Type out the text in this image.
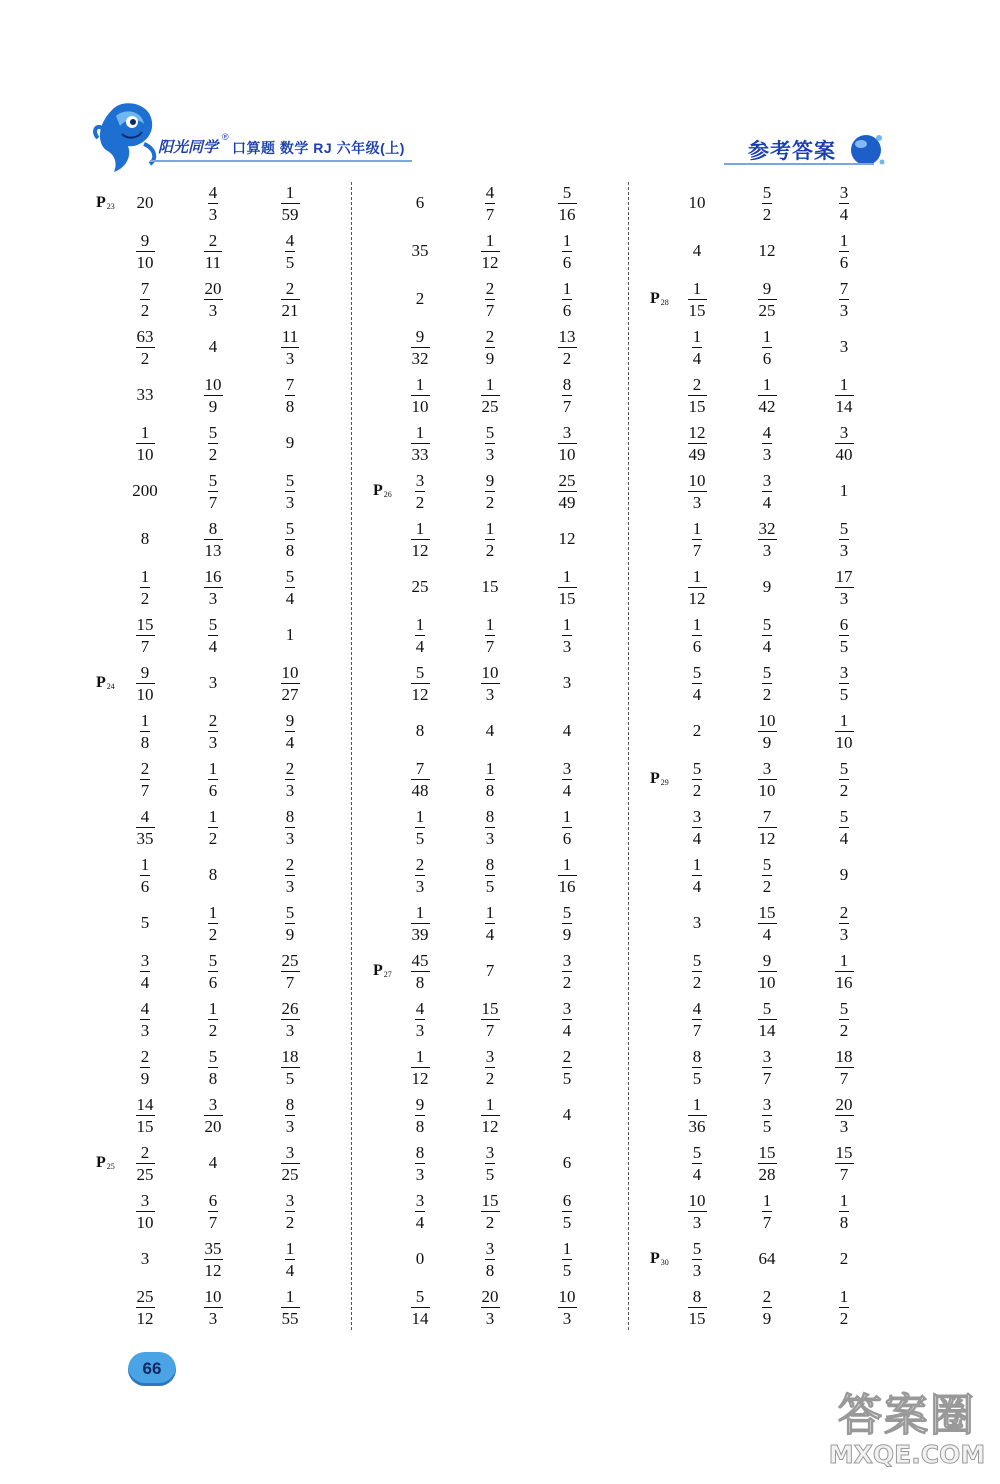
阳光同学
®
口算题 数学 RJ 六年级(上)	参考答案
$P_{23}$ 20	$\frac{4}{3}$	$\frac{1}{59}$
$\frac{9}{10}$	$\frac{2}{11}$	$\frac{4}{5}$
$\frac{7}{2}$	$\frac{20}{3}$	$\frac{2}{21}$
$\frac{63}{2}$	4	$\frac{11}{3}$
33	$\frac{10}{9}$	$\frac{7}{8}$
$\frac{1}{10}$	$\frac{5}{2}$	9
200	$\frac{5}{7}$	$\frac{5}{3}$
8	$\frac{8}{13}$	$\frac{5}{8}$
$\frac{1}{2}$	$\frac{16}{3}$	$\frac{5}{4}$
$\frac{15}{7}$	$\frac{5}{4}$	1
$P_{24} \frac{9}{10}$	3	$\frac{10}{27}$
$\frac{1}{8}$	$\frac{2}{3}$	$\frac{9}{4}$
$\frac{2}{7}$	$\frac{1}{6}$	$\frac{2}{3}$
$\frac{4}{35}$	$\frac{1}{2}$	$\frac{8}{3}$
$\frac{1}{6}$	8	$\frac{2}{3}$
5	$\frac{1}{2}$	$\frac{5}{9}$
$\frac{3}{4}$	$\frac{5}{6}$	$\frac{25}{7}$
$\frac{4}{3}$	$\frac{1}{2}$	$\frac{26}{3}$
$\frac{2}{9}$	$\frac{5}{8}$	$\frac{18}{5}$
$\frac{14}{15}$	$\frac{3}{20}$	$\frac{8}{3}$
$P_{25} \frac{2}{25}$	4	$\frac{3}{25}$
$\frac{3}{10}$	$\frac{6}{7}$	$\frac{3}{2}$
3	$\frac{35}{12}$	$\frac{1}{4}$
$\frac{25}{12}$	$\frac{10}{3}$	$\frac{1}{55}$
6	$\frac{4}{7}$	$\frac{5}{16}$
35	$\frac{1}{12}$	$\frac{1}{6}$
2	$\frac{2}{7}$	$\frac{1}{6}$
$\frac{9}{32}$	$\frac{2}{9}$	$\frac{13}{2}$
$\frac{1}{10}$	$\frac{1}{25}$	$\frac{8}{7}$
$\frac{1}{33}$	$\frac{5}{3}$	$\frac{3}{10}$
$P_{26} \frac{3}{2}$	$\frac{9}{2}$	$\frac{25}{49}$
$\frac{1}{12}$	$\frac{1}{2}$	12
25	15	$\frac{1}{15}$
$\frac{1}{4}$	$\frac{1}{7}$	$\frac{1}{3}$
$\frac{5}{12}$	$\frac{10}{3}$	3
8	4	4
$\frac{7}{48}$	$\frac{1}{8}$	$\frac{3}{4}$
$\frac{1}{5}$	$\frac{8}{3}$	$\frac{1}{6}$
$\frac{2}{3}$	$\frac{8}{5}$	$\frac{1}{16}$
$\frac{1}{39}$	$\frac{1}{4}$	$\frac{5}{9}$
$P_{27} \frac{45}{8}$	7	$\frac{3}{2}$
$\frac{4}{3}$	$\frac{15}{7}$	$\frac{3}{4}$
$\frac{1}{12}$	$\frac{3}{2}$	$\frac{2}{5}$
$\frac{9}{8}$	$\frac{1}{12}$	4
$\frac{8}{3}$	$\frac{3}{5}$	6
$\frac{3}{4}$	$\frac{15}{2}$	$\frac{6}{5}$
0	$\frac{3}{8}$	$\frac{1}{5}$
$\frac{5}{14}$	$\frac{20}{3}$	$\frac{10}{3}$
10	$\frac{5}{2}$	$\frac{3}{4}$
4	12	$\frac{1}{6}$
$P_{28} \frac{1}{15}$	$\frac{9}{25}$	$\frac{7}{3}$
$\frac{1}{4}$	$\frac{1}{6}$	3
$\frac{2}{15}$	$\frac{1}{42}$	$\frac{1}{14}$
$\frac{12}{49}$	$\frac{4}{3}$	$\frac{3}{40}$
$\frac{10}{3}$	$\frac{3}{4}$	1
$\frac{1}{7}$	$\frac{32}{3}$	$\frac{5}{3}$
$\frac{1}{12}$	9	$\frac{17}{3}$
$\frac{1}{6}$	$\frac{5}{4}$	$\frac{6}{5}$
$\frac{5}{4}$	$\frac{5}{2}$	$\frac{3}{5}$
2	$\frac{10}{9}$	$\frac{1}{10}$
$P_{29} \frac{5}{2}$	$\frac{3}{10}$	$\frac{5}{2}$
$\frac{3}{4}$	$\frac{7}{12}$	$\frac{5}{4}$
$\frac{1}{4}$	$\frac{5}{2}$	9
3	$\frac{15}{4}$	$\frac{2}{3}$
$\frac{5}{2}$	$\frac{9}{10}$	$\frac{1}{16}$
$\frac{4}{7}$	$\frac{5}{14}$	$\frac{5}{2}$
$\frac{8}{5}$	$\frac{3}{7}$	$\frac{18}{7}$
$\frac{1}{36}$	$\frac{3}{5}$	$\frac{20}{3}$
$\frac{5}{4}$	$\frac{15}{28}$	$\frac{15}{7}$
$\frac{10}{3}$	$\frac{1}{7}$	$\frac{1}{8}$
$P_{30} \frac{5}{3}$	64	2
$\frac{8}{15}$	$\frac{2}{9}$	$\frac{1}{2}$
66
答案圈
MXQE.COM
